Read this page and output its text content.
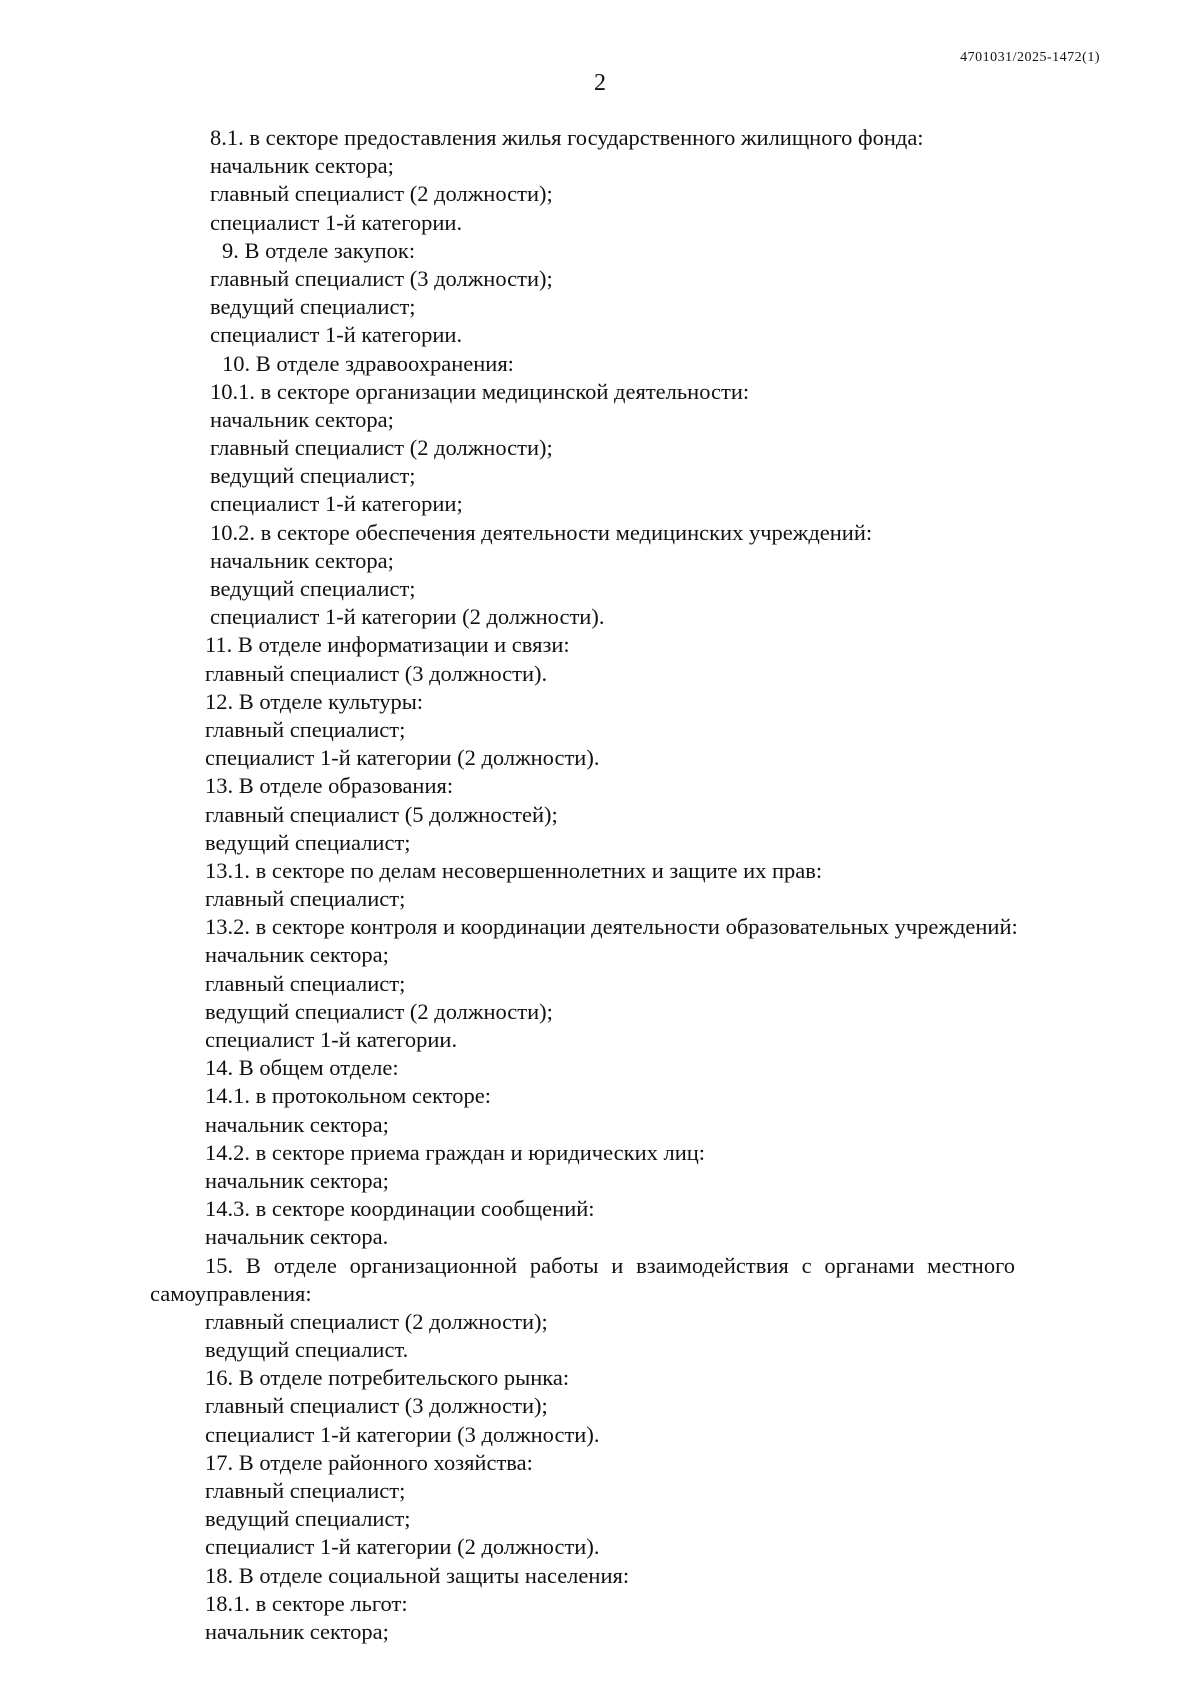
4701031/2025-1472(1)
2
8.1. в секторе предоставления жилья государственного жилищного фонда:
начальник сектора;
главный специалист (2 должности);
специалист 1-й категории.
9. В отделе закупок:
главный специалист (3 должности);
ведущий специалист;
специалист 1-й категории.
10. В отделе здравоохранения:
10.1. в секторе организации медицинской деятельности:
начальник сектора;
главный специалист (2 должности);
ведущий специалист;
специалист 1-й категории;
10.2. в секторе обеспечения деятельности медицинских учреждений:
начальник сектора;
ведущий специалист;
специалист 1-й категории (2 должности).
11. В отделе информатизации и связи:
главный специалист (3 должности).
12. В отделе культуры:
главный специалист;
специалист 1-й категории (2 должности).
13. В отделе образования:
главный специалист (5 должностей);
ведущий специалист;
13.1. в секторе по делам несовершеннолетних и защите их прав:
главный специалист;
13.2. в секторе контроля и координации деятельности образовательных учреждений:
начальник сектора;
главный специалист;
ведущий специалист (2 должности);
специалист 1-й категории.
14. В общем отделе:
14.1. в протокольном секторе:
начальник сектора;
14.2. в секторе приема граждан и юридических лиц:
начальник сектора;
14.3. в секторе координации сообщений:
начальник сектора.
15. В отделе организационной работы и взаимодействия с органами местного
самоуправления:
главный специалист (2 должности);
ведущий специалист.
16. В отделе потребительского рынка:
главный специалист (3 должности);
специалист 1-й категории (3 должности).
17. В отделе районного хозяйства:
главный специалист;
ведущий специалист;
специалист 1-й категории (2 должности).
18. В отделе социальной защиты населения:
18.1. в секторе льгот:
начальник сектора;
